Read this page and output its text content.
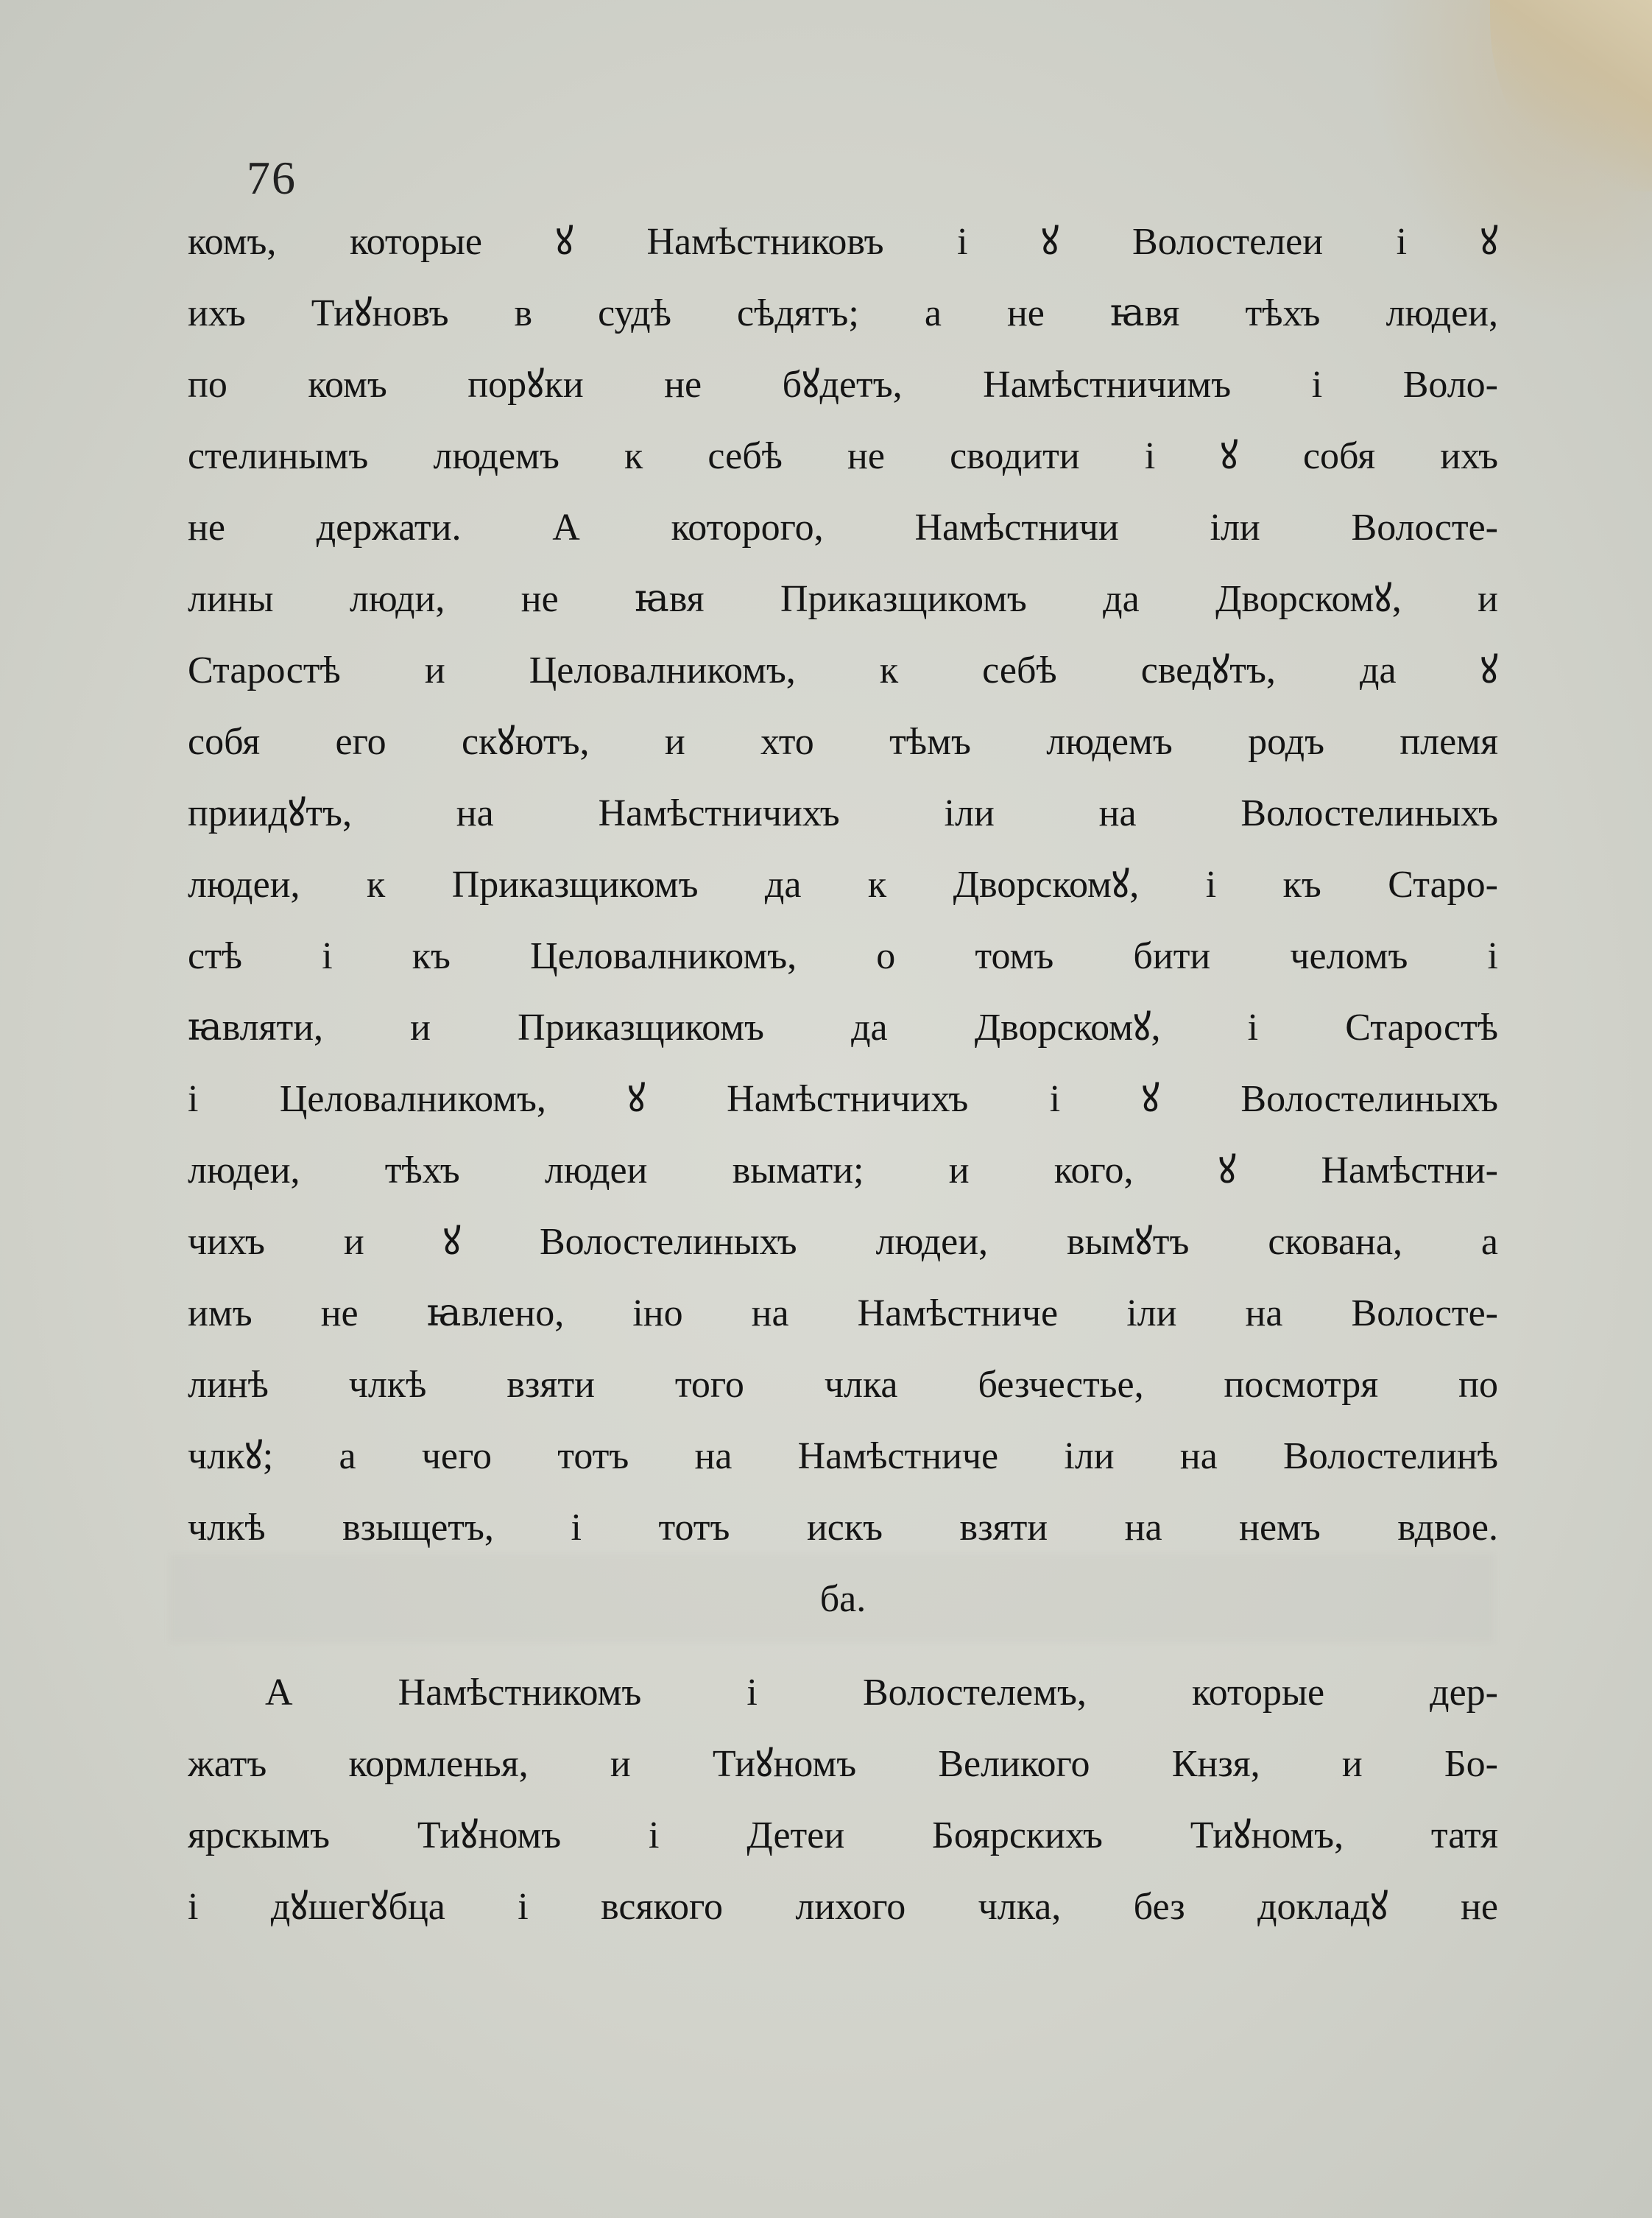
76
комъ, которые ꙋ Намѣстниковъ і ꙋ Волостелеи і ꙋ
ихъ Тиꙋновъ в судѣ сѣдятъ; а не ꙗвя тѣхъ людеи,
по комъ порꙋки не бꙋдетъ, Намѣстничимъ і Воло-
стелинымъ людемъ к себѣ не сводити і ꙋ собя ихъ
не держати. А которого, Намѣстничи іли Волосте-
лины люди, не ꙗвя Приказщикомъ да Дворскомꙋ, и
Старостѣ и Целовалникомъ, к себѣ сведꙋтъ, да ꙋ
собя его скꙋютъ, и хто тѣмъ людемъ родъ племя
приидꙋтъ, на Намѣстничихъ іли на Волостелиныхъ
людеи, к Приказщикомъ да к Дворскомꙋ, і къ Старо-
стѣ і къ Целовалникомъ, о томъ бити челомъ і
ꙗвляти, и Приказщикомъ да Дворскомꙋ, і Старостѣ
і Целовалникомъ, ꙋ Намѣстничихъ і ꙋ Волостелиныхъ
людеи, тѣхъ людеи вымати; и кого, ꙋ Намѣстни-
чихъ и ꙋ Волостелиныхъ людеи, вымꙋтъ скована, а
имъ не ꙗвлено, іно на Намѣстниче іли на Волосте-
линѣ члкѣ взяти того члка безчестье, посмотря по
члкꙋ; а чего тотъ на Намѣстниче іли на Волостелинѣ
члкѣ взыщетъ, і тотъ искъ взяти на немъ вдвое.
ба.
А Намѣстникомъ і Волостелемъ, которые дер-
жатъ кормленья, и Тиꙋномъ Великого Кнзя, и Бо-
ярскымъ Тиꙋномъ і Детеи Боярскихъ Тиꙋномъ, татя
і дꙋшегꙋбца і всякого лихого члка, без докладꙋ не
